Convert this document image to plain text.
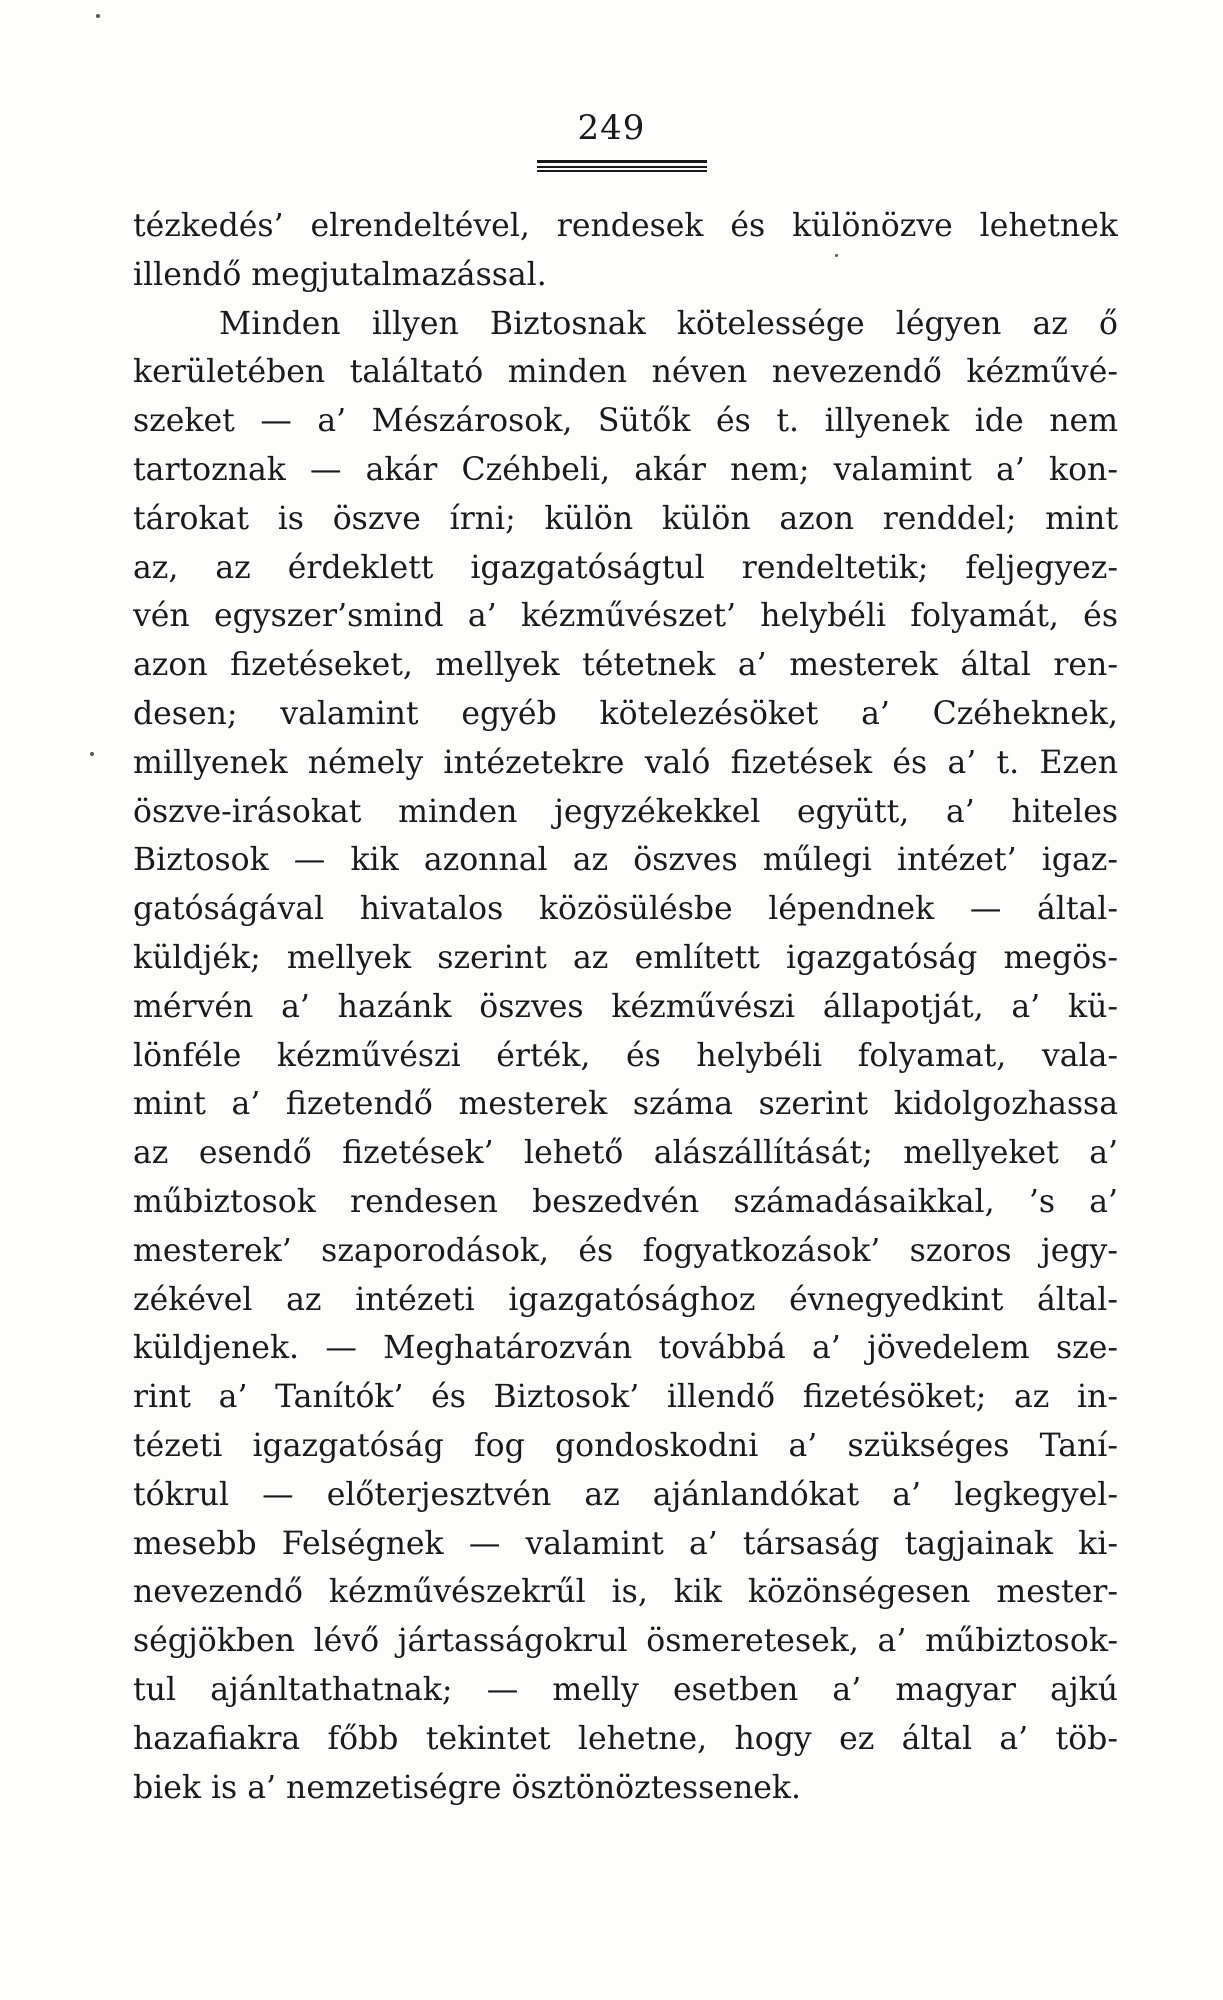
249
tézkedés’ elrendeltével, rendesek és különözve lehetnek
illendő megjutalmazással.
Minden illyen Biztosnak kötelessége légyen az ő
kerületében találtató minden néven nevezendő kézművé-
szeket — a’ Mészárosok, Sütők és t. illyenek ide nem
tartoznak — akár Czéhbeli, akár nem; valamint a’ kon-
tárokat is öszve írni; külön külön azon renddel; mint
az, az érdeklett igazgatóságtul rendeltetik; feljegyez-
vén egyszer’smind a’ kézművészet’ helybéli folyamát, és
azon fizetéseket, mellyek tétetnek a’ mesterek által ren-
desen; valamint egyéb kötelezésöket a’ Czéheknek,
millyenek némely intézetekre való fizetések és a’ t. Ezen
öszve-irásokat minden jegyzékekkel együtt, a’ hiteles
Biztosok — kik azonnal az öszves műlegi intézet’ igaz-
gatóságával hivatalos közösülésbe lépendnek — által-
küldjék; mellyek szerint az említett igazgatóság megös-
mérvén a’ hazánk öszves kézművészi állapotját, a’ kü-
lönféle kézművészi érték, és helybéli folyamat, vala-
mint a’ fizetendő mesterek száma szerint kidolgozhassa
az esendő fizetések’ lehető alászállítását; mellyeket a’
műbiztosok rendesen beszedvén számadásaikkal, ’s a’
mesterek’ szaporodások, és fogyatkozások’ szoros jegy-
zékével az intézeti igazgatósághoz évnegyedkint által-
küldjenek. — Meghatározván továbbá a’ jövedelem sze-
rint a’ Tanítók’ és Biztosok’ illendő fizetésöket; az in-
tézeti igazgatóság fog gondoskodni a’ szükséges Taní-
tókrul — előterjesztvén az ajánlandókat a’ legkegyel-
mesebb Felségnek — valamint a’ társaság tagjainak ki-
nevezendő kézművészekrűl is, kik közönségesen mester-
ségjökben lévő jártasságokrul ösmeretesek, a’ műbiztosok-
tul ajánltathatnak; — melly esetben a’ magyar ajkú
hazafiakra főbb tekintet lehetne, hogy ez által a’ töb-
biek is a’ nemzetiségre ösztönöztessenek.
